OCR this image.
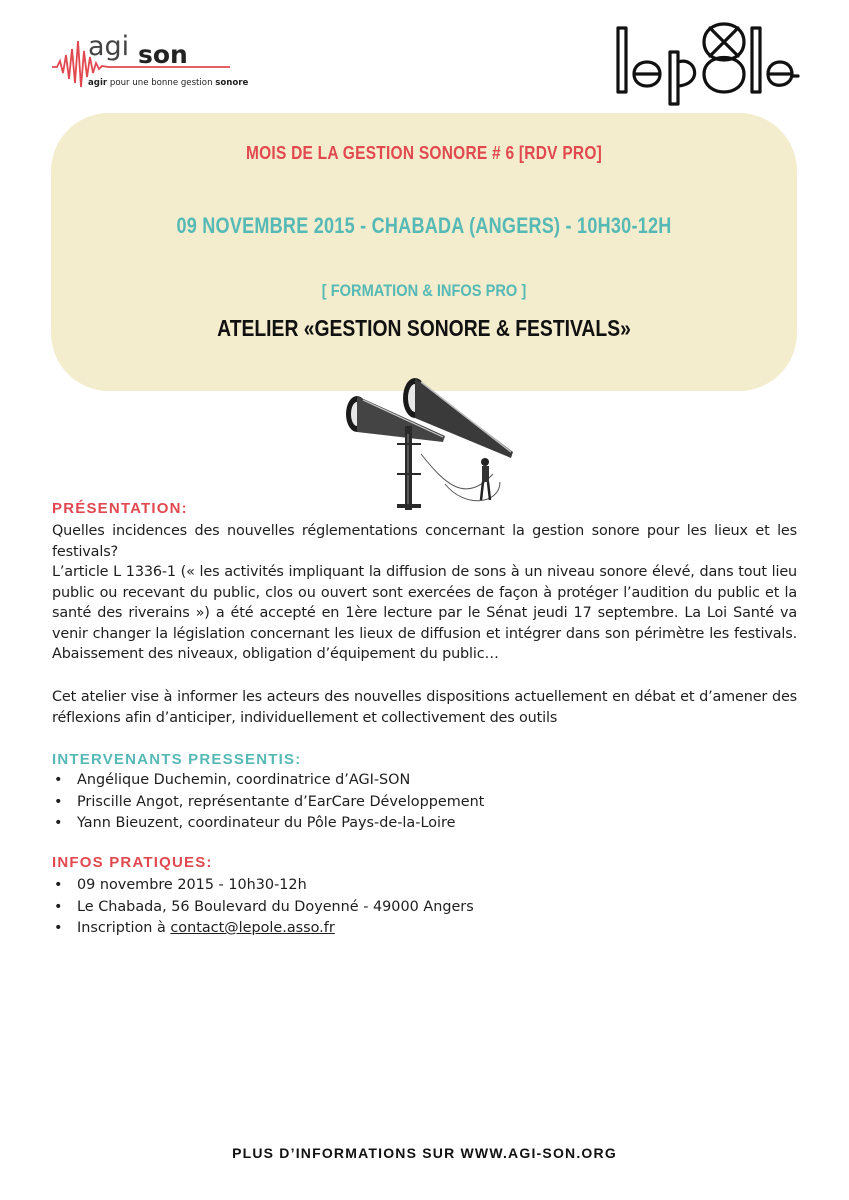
agi son
agir pour une bonne gestion sonore
lepole
MOIS DE LA GESTION SONORE # 6 [RDV PRO]
09 NOVEMBRE 2015 - CHABADA (ANGERS) - 10H30-12H
[ FORMATION & INFOS PRO ]
ATELIER «GESTION SONORE & FESTIVALS»
PRÉSENTATION:

Quelles incidences des nouvelles réglementations concernant la gestion sonore pour les lieux et les festivals?

L’article L 1336-1 (« les activités impliquant la diffusion de sons à un niveau sonore élevé, dans tout lieu public ou recevant du public, clos ou ouvert sont exercées de façon à protéger l’audition du public et la santé des riverains ») a été accepté en 1ère lecture par le Sénat jeudi 17 septembre. La Loi Santé va venir changer la législation concernant les lieux de diffusion et intégrer dans son périmètre les festivals. Abaissement des niveaux, obligation d’équipement du public…

Cet atelier vise à informer les acteurs des nouvelles dispositions actuellement en débat et d’amener des réflexions afin d’anticiper, individuellement et collectivement des outils

INTERVENANTS PRESSENTIS:
• Angélique Duchemin, coordinatrice d’AGI-SON
• Priscille Angot, représentante d’EarCare Développement
• Yann Bieuzent, coordinateur du Pôle Pays-de-la-Loire
INFOS PRATIQUES:
• 09 novembre 2015 - 10h30-12h
• Le Chabada, 56 Boulevard du Doyenné - 49000 Angers
• Inscription à contact@lepole.asso.fr
PLUS D’INFORMATIONS SUR WWW.AGI-SON.ORG
